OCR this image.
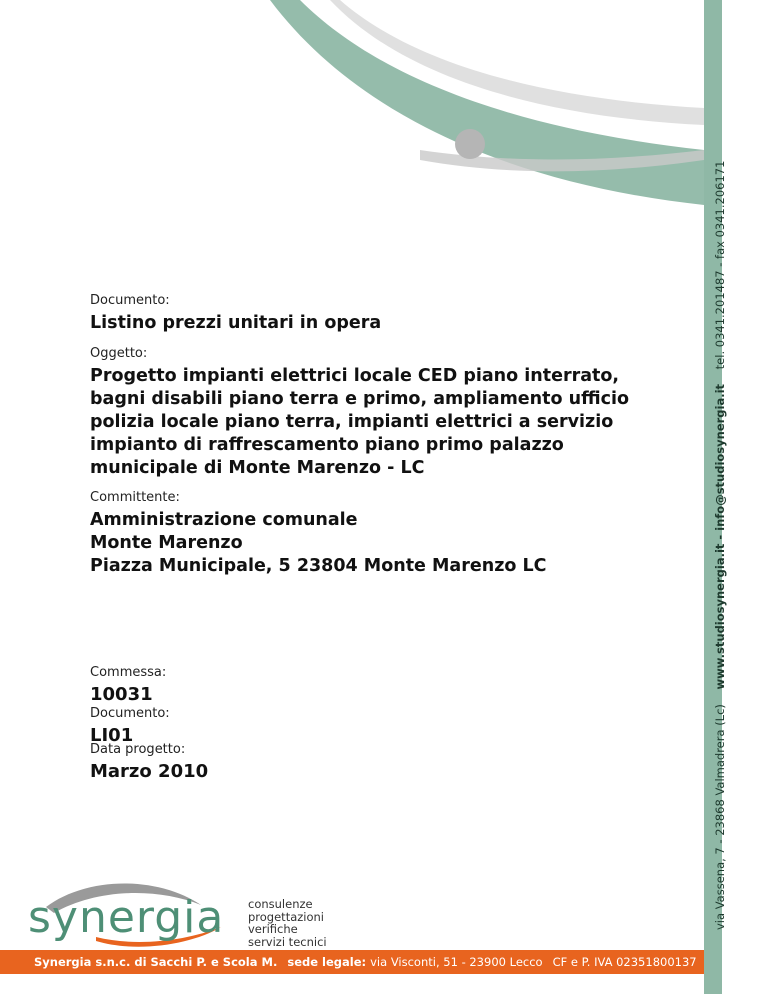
via Vassena, 7 - 23868 Valmadrera (Lc)    www.studiosynergia.it - info@studiosynergia.it    tel. 0341.201487 - fax 0341.206171
Documento:
Listino prezzi unitari in opera
Oggetto:
Progetto impianti elettrici locale CED piano interrato,
bagni disabili piano terra e primo, ampliamento ufficio
polizia locale piano terra, impianti elettrici a servizio
impianto di raffrescamento piano primo palazzo
municipale di Monte Marenzo - LC
Committente:
Amministrazione comunale
Monte Marenzo
Piazza Municipale, 5 23804 Monte Marenzo LC
Commessa:
10031
Documento:
LI01
Data progetto:
Marzo 2010
synergia consulenze
progettazioni
verifiche
servizi tecnici
Synergia s.n.c. di Sacchi P. e Scola M. sede legale: via Visconti, 51 - 23900 Lecco CF e P. IVA 02351800137
